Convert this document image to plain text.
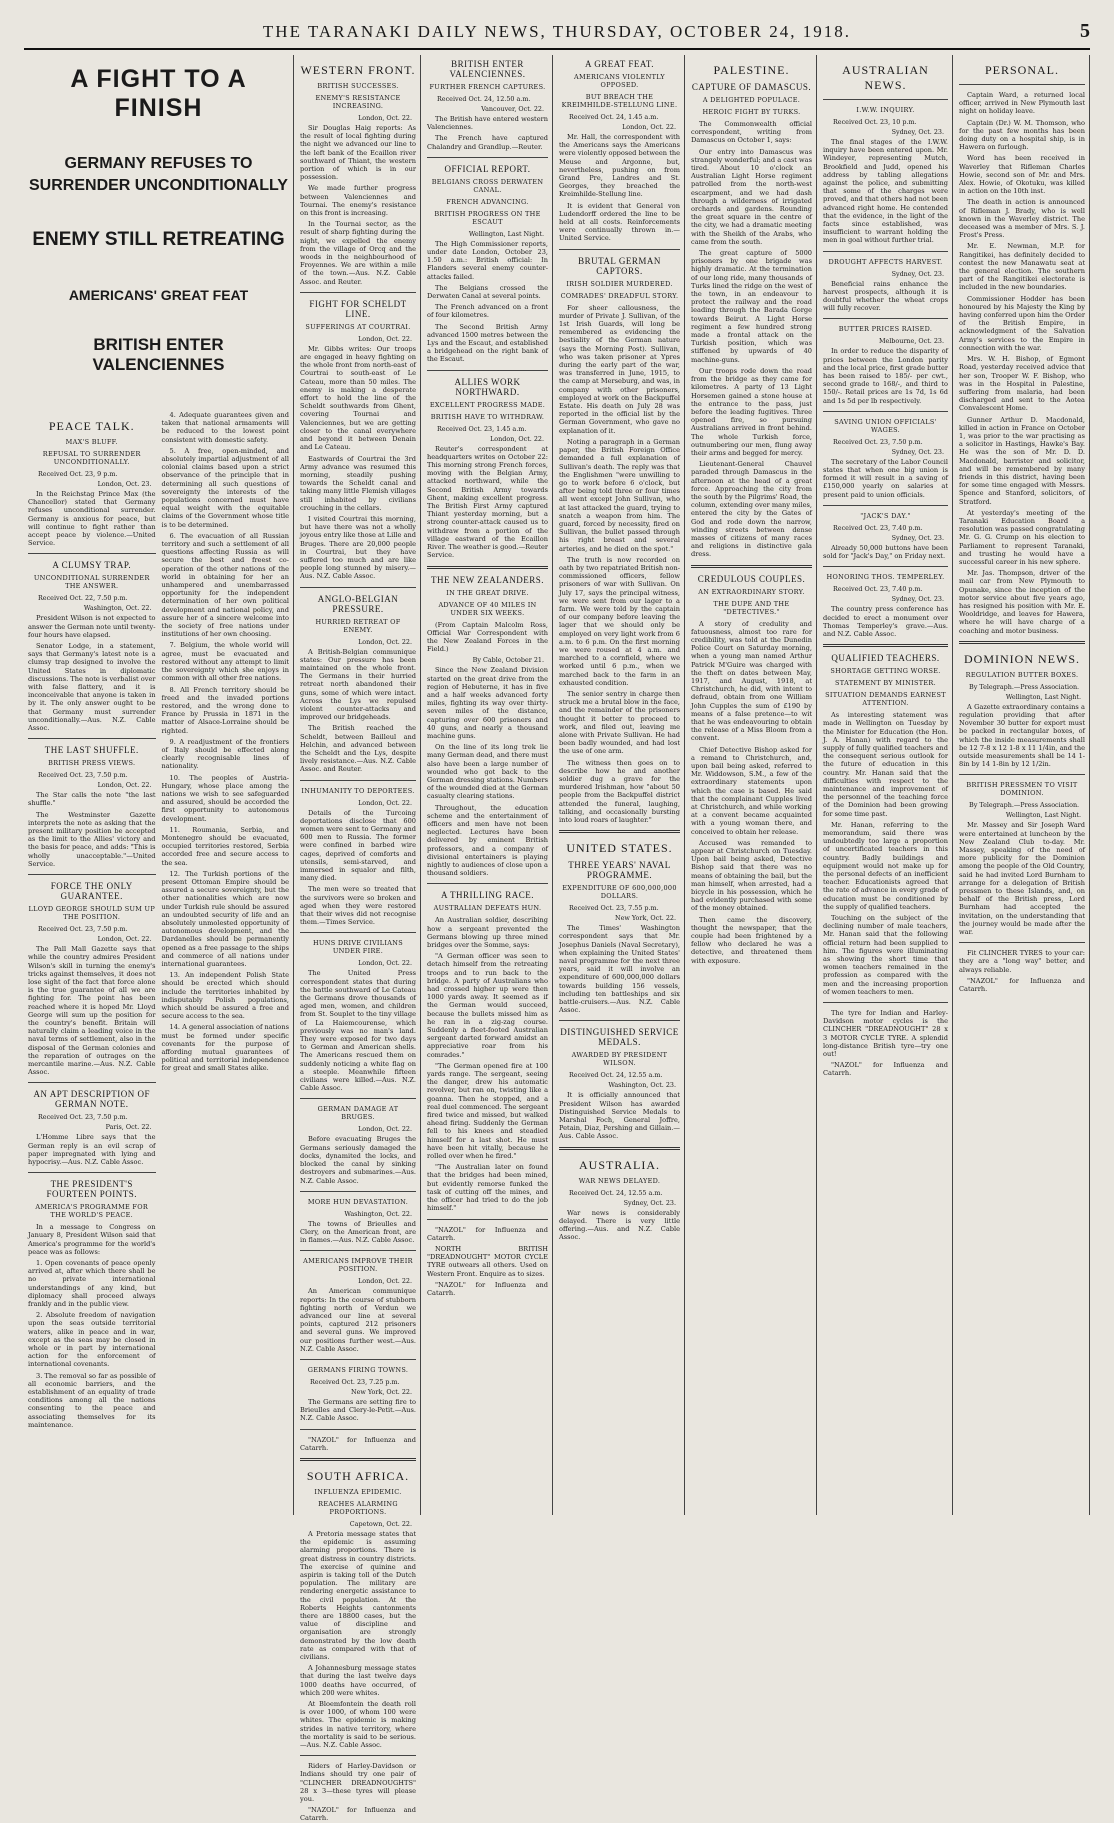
THE TARANAKI DAILY NEWS, THURSDAY, OCTOBER 24, 1918.	5
A FIGHT TO A FINISH
GERMANY REFUSES TO SURRENDER UNCONDITIONALLY
ENEMY STILL RETREATING
AMERICANS' GREAT FEAT
BRITISH ENTER VALENCIENNES
PEACE TALK.
MAX'S BLUFF.
REFUSAL TO SURRENDER UNCONDITIONALLY.
Received Oct. 23, 9 p.m.
London, Oct. 23.

In the Reichstag Prince Max (the Chancellor) stated that Germany refuses unconditional surrender. Germany is anxious for peace, but will continue to fight rather than accept peace by violence.—United Service.

A CLUMSY TRAP.
UNCONDITIONAL SURRENDER THE ANSWER.
Received Oct. 22, 7.50 p.m.
Washington, Oct. 22.

President Wilson is not expected to answer the German note until twenty-four hours have elapsed.

Senator Lodge, in a statement, says that Germany's latest note is a clumsy trap designed to involve the United States in diplomatic discussions. The note is verbalist over with false flattery, and it is inconceivable that anyone is taken in by it. The only answer ought to be that Germany must surrender unconditionally.—Aus. N.Z. Cable Assoc.

THE LAST SHUFFLE.
BRITISH PRESS VIEWS.
Received Oct. 23, 7.50 p.m.
London, Oct. 22.

The Star calls the note "the last shuffle."

The Westminster Gazette interprets the note as asking that the present military position be accepted as the limit to the Allies' victory and the basis for peace, and adds: "This is wholly unacceptable."—United Service.

FORCE THE ONLY GUARANTEE.
LLOYD GEORGE SHOULD SUM UP THE POSITION.
Received Oct. 23, 7.50 p.m.
London, Oct. 22.

The Pall Mall Gazette says that while the country admires President Wilson's skill in turning the enemy's tricks against themselves, it does not lose sight of the fact that force alone is the true guarantee of all we are fighting for. The point has been reached where it is hoped Mr. Lloyd George will sum up the position for the country's benefit. Britain will naturally claim a leading voice in the naval terms of settlement, also in the disposal of the German colonies and the reparation of outrages on the mercantile marine.—Aus. N.Z. Cable Assoc.

AN APT DESCRIPTION OF GERMAN NOTE.
Received Oct. 23, 7.50 p.m.
Paris, Oct. 22.

L'Homme Libre says that the German reply is an evil scrap of paper impregnated with lying and hypocrisy.—Aus. N.Z. Cable Assoc.

THE PRESIDENT'S FOURTEEN POINTS.
AMERICA'S PROGRAMME FOR THE WORLD'S PEACE.

In a message to Congress on January 8, President Wilson said that America's programme for the world's peace was as follows:

1. Open covenants of peace openly arrived at, after which there shall be no private international understandings of any kind, but diplomacy shall proceed always frankly and in the public view.

2. Absolute freedom of navigation upon the seas outside territorial waters, alike in peace and in war, except as the seas may be closed in whole or in part by international action for the enforcement of international covenants.

3. The removal so far as possible of all economic barriers, and the establishment of an equality of trade conditions among all the nations consenting to the peace and associating themselves for its maintenance.

4. Adequate guarantees given and taken that national armaments will be reduced to the lowest point consistent with domestic safety.

5. A free, open-minded, and absolutely impartial adjustment of all colonial claims based upon a strict observance of the principle that in determining all such questions of sovereignty the interests of the populations concerned must have equal weight with the equitable claims of the Government whose title is to be determined.

6. The evacuation of all Russian territory and such a settlement of all questions affecting Russia as will secure the best and freest co-operation of the other nations of the world in obtaining for her an unhampered and unembarrassed opportunity for the independent determination of her own political development and national policy, and assure her of a sincere welcome into the society of free nations under institutions of her own choosing.

7. Belgium, the whole world will agree, must be evacuated and restored without any attempt to limit the sovereignty which she enjoys in common with all other free nations.

8. All French territory should be freed and the invaded portions restored, and the wrong done to France by Prussia in 1871 in the matter of Alsace-Lorraine should be righted.

9. A readjustment of the frontiers of Italy should be effected along clearly recognisable lines of nationality.

10. The peoples of Austria-Hungary, whose place among the nations we wish to see safeguarded and assured, should be accorded the first opportunity to autonomous development.

11. Roumania, Serbia, and Montenegro should be evacuated, occupied territories restored, Serbia accorded free and secure access to the sea.

12. The Turkish portions of the present Ottoman Empire should be assured a secure sovereignty, but the other nationalities which are now under Turkish rule should be assured an undoubted security of life and an absolutely unmolested opportunity of autonomous development, and the Dardanelles should be permanently opened as a free passage to the ships and commerce of all nations under international guarantees.

13. An independent Polish State should be erected which should include the territories inhabited by indisputably Polish populations, which should be assured a free and secure access to the sea.

14. A general association of nations must be formed under specific covenants for the purpose of affording mutual guarantees of political and territorial independence for great and small States alike.

WESTERN FRONT.
BRITISH SUCCESSES.
ENEMY'S RESISTANCE INCREASING.
London, Oct. 22.

Sir Douglas Haig reports: As the result of local fighting during the night we advanced our line to the left bank of the Ecaillon river southward of Thiant, the western portion of which is in our possession.

We made further progress between Valenciennes and Tournai. The enemy's resistance on this front is increasing.

In the Tournai sector, as the result of sharp fighting during the night, we expelled the enemy from the village of Orcq and the woods in the neighbourhood of Froyennes. We are within a mile of the town.—Aus. N.Z. Cable Assoc. and Reuter.

FIGHT FOR SCHELDT LINE.
SUFFERINGS AT COURTRAI.
London, Oct. 22.

Mr. Gibbs writes: Our troops are engaged in heavy fighting on the whole front from north-east of Courtrai to south-east of Le Cateau, more than 50 miles. The enemy is making a desperate effort to hold the line of the Scheldt southwards from Ghent, covering Tournai and Valenciennes, but we are getting closer to the canal everywhere and beyond it between Denain and Le Cateau.

Eastwards of Courtrai the 3rd Army advance was resumed this morning, steadily pushing towards the Scheldt canal and taking many little Flemish villages still inhabited by civilians crouching in the cellars.

I visited Courtrai this morning, but have there was not a wholly joyous entry like those at Lille and Bruges. There are 20,000 people in Courtrai, but they have suffered too much and are like people long stunned by misery.—Aus. N.Z. Cable Assoc.

ANGLO-BELGIAN PRESSURE.
HURRIED RETREAT OF ENEMY.
London, Oct. 22.

A British-Belgian communique states: Our pressure has been maintained on the whole front. The Germans in their hurried retreat north abandoned their guns, some of which were intact. Across the Lys we repulsed violent counter-attacks and improved our bridgeheads.

The British reached the Scheldt, between Bailleul and Helchin, and advanced between the Scheldt and the Lys, despite lively resistance.—Aus. N.Z. Cable Assoc. and Reuter.

INHUMANITY TO DEPORTEES.
London, Oct. 22.

Details of the Turcoing deportations disclose that 600 women were sent to Germany and 600 men to Russia. The former were confined in barbed wire cages, deprived of comforts and utensils, semi-starved, and immersed in squalor and filth, many died.

The men were so treated that the survivors were so broken and aged when they were restored that their wives did not recognise them.—Times Service.

HUNS DRIVE CIVILIANS UNDER FIRE.
London, Oct. 22.

The United Press correspondent states that during the battle southward of Le Cateau the Germans drove thousands of aged men, women, and children from St. Souplet to the tiny village of La Haiemcourense, which previously was no man's land. They were exposed for two days to German and American shells. The Americans rescued them on suddenly noticing a white flag on a steeple. Meanwhile fifteen civilians were killed.—Aus. N.Z. Cable Assoc.

GERMAN DAMAGE AT BRUGES.
London, Oct. 22.

Before evacuating Bruges the Germans seriously damaged the docks, dynamited the locks, and blocked the canal by sinking destroyers and submarines.—Aus. N.Z. Cable Assoc.

MORE HUN DEVASTATION.
Washington, Oct. 22.

The towns of Brieulles and Clery, on the American front, are in flames.—Aus. N.Z. Cable Assoc.

AMERICANS IMPROVE THEIR POSITION.
London, Oct. 22.

An American communique reports: In the course of stubborn fighting north of Verdun we advanced our line at several points, captured 212 prisoners and several guns. We improved our positions further west.—Aus. N.Z. Cable Assoc.

GERMANS FIRING TOWNS.
Received Oct. 23, 7.25 p.m.
New York, Oct. 22.

The Germans are setting fire to Brieulles and Clery-le-Petit.—Aus. N.Z. Cable Assoc.

"NAZOL" for Influenza and Catarrh.

SOUTH AFRICA.
INFLUENZA EPIDEMIC.
REACHES ALARMING PROPORTIONS.
Capetown, Oct. 22.

A Pretoria message states that the epidemic is assuming alarming proportions. There is great distress in country districts. The exercise of quinine and aspirin is taking toll of the Dutch population. The military are rendering energetic assistance to the civil population. At the Roberts Heights cantonments there are 18800 cases, but the value of discipline and organisation are strongly demonstrated by the low death rate as compared with that of civilians.

A Johannesburg message states that during the last twelve days 1000 deaths have occurred, of which 200 were whites.

At Bloemfontein the death roll is over 1000, of whom 100 were whites. The epidemic is making strides in native territory, where the mortality is said to be serious.—Aus. N.Z. Cable Assoc.

Riders of Harley-Davidson or Indians should try one pair of "CLINCHER DREADNOUGHTS" 28 x 3—these tyres will please you.

"NAZOL" for Influenza and Catarrh.

BRITISH ENTER VALENCIENNES.
FURTHER FRENCH CAPTURES.
Received Oct. 24, 12.50 a.m.
Vancouver, Oct. 22.

The British have entered western Valenciennes.

The French have captured Chalandry and Grandlup.—Reuter.

OFFICIAL REPORT.
BELGIANS CROSS DERWATEN CANAL.
FRENCH ADVANCING.
BRITISH PROGRESS ON THE ESCAUT
Wellington, Last Night.

The High Commissioner reports, under date London, October 23, 1.50 a.m.: British official: In Flanders several enemy counter-attacks failed.

The Belgians crossed the Derwaten Canal at several points.

The French advanced on a front of four kilometres.

The Second British Army advanced 1500 metres between the Lys and the Escaut, and established a bridgehead on the right bank of the Escaut.

ALLIES WORK NORTHWARD.
EXCELLENT PROGRESS MADE.
BRITISH HAVE TO WITHDRAW.
Received Oct. 23, 1.45 a.m.
London, Oct. 22.

Reuter's correspondent at headquarters writes on October 22: This morning strong French forces, moving with the Belgian Army, attacked northward, while the Second British Army towards Ghent, making excellent progress. The British First Army captured Thiant yesterday morning, but a strong counter-attack caused us to withdraw from a portion of the village eastward of the Ecaillon River. The weather is good.—Reuter Service.

THE NEW ZEALANDERS.
IN THE GREAT DRIVE.
ADVANCE OF 40 MILES IN UNDER SIX WEEKS.

(From Captain Malcolm Ross, Official War Correspondent with the New Zealand Forces in the Field.)

By Cable, October 21.

Since the New Zealand Division started on the great drive from the region of Hebuterne, it has in five and a half weeks advanced forty miles, fighting its way over thirty-seven miles of the distance, capturing over 600 prisoners and 40 guns, and nearly a thousand machine guns.

On the line of its long trek lie many German dead, and there must also have been a large number of wounded who got back to the German dressing stations. Numbers of the wounded died at the German casualty clearing stations.

Throughout, the education scheme and the entertainment of officers and men have not been neglected. Lectures have been delivered by eminent British professors, and a company of divisional entertainers is playing nightly to audiences of close upon a thousand soldiers.

A THRILLING RACE.
AUSTRALIAN DEFEATS HUN.

An Australian soldier, describing how a sergeant prevented the Germans blowing up three mined bridges over the Somme, says:

"A German officer was seen to detach himself from the retreating troops and to run back to the bridge. A party of Australians who had crossed higher up were then 1000 yards away. It seemed as if the German would succeed, because the bullets missed him as he ran in a zig-zag course. Suddenly a fleet-footed Australian sergeant darted forward amidst an appreciative roar from his comrades."

"The German opened fire at 100 yards range. The sergeant, seeing the danger, drew his automatic revolver, but ran on, twisting like a goanna. Then he stopped, and a real duel commenced. The sergeant fired twice and missed, but walked ahead firing. Suddenly the German fell to his knees and steadied himself for a last shot. He must have been hit vitally, because he rolled over when he fired."

"The Australian later on found that the bridges had been mined, but evidently remorse funked the task of cutting off the mines, and the officer had tried to do the job himself."

"NAZOL" for Influenza and Catarrh.

NORTH BRITISH "DREADNOUGHT" MOTOR CYCLE TYRE outwears all others. Used on Western Front. Enquire as to sizes.

"NAZOL" for Influenza and Catarrh.

A GREAT FEAT.
AMERICANS VIOLENTLY OPPOSED.
BUT BREACH THE KREIMHILDE-STELLUNG LINE.
Received Oct. 24, 1.45 a.m.
London, Oct. 22.

Mr. Hall, the correspondent with the Americans says the Americans were violently opposed between the Meuse and Argonne, but, nevertheless, pushing on from Grand Pre, Landres and St. Georges, they breached the Kreimhilde-Stellung line.

It is evident that General von Ludendorff ordered the line to be held at all costs. Reinforcements were continually thrown in.—United Service.

BRUTAL GERMAN CAPTORS.
IRISH SOLDIER MURDERED.
COMRADES' DREADFUL STORY.

For sheer callousness, the murder of Private J. Sullivan, of the 1st Irish Guards, will long be remembered as evidencing the bestiality of the German nature (says the Morning Post). Sullivan, who was taken prisoner at Ypres during the early part of the war, was transferred in June, 1915, to the camp at Merseburg, and was, in company with other prisoners, employed at work on the Backpuffel Estate. His death on July 28 was reported in the official list by the German Government, who gave no explanation of it.

Noting a paragraph in a German paper, the British Foreign Office demanded a full explanation of Sullivan's death. The reply was that the Englishmen "were unwilling to go to work before 6 o'clock, but after being told three or four times all went except John Sullivan, who at last attacked the guard, trying to snatch a weapon from him. The guard, forced by necessity, fired on Sullivan, the bullet passed through his right breast and several arteries, and he died on the spot."

The truth is now recorded on oath by two repatriated British non-commissioned officers, fellow prisoners of war with Sullivan. On July 17, says the principal witness, we were sent from our lager to a farm. We were told by the captain of our company before leaving the lager that we should only be employed on very light work from 6 a.m. to 6 p.m. On the first morning we were roused at 4 a.m. and marched to a cornfield, where we worked until 6 p.m., when we marched back to the farm in an exhausted condition.

The senior sentry in charge then struck me a brutal blow in the face, and the remainder of the prisoners thought it better to proceed to work, and filed out, leaving me alone with Private Sullivan. He had been badly wounded, and had lost the use of one arm.

The witness then goes on to describe how he and another soldier dug a grave for the murdered Irishman, how "about 50 people from the Backpuffel district attended the funeral, laughing, talking, and occasionally bursting into loud roars of laughter."

UNITED STATES.
THREE YEARS' NAVAL PROGRAMME.
EXPENDITURE OF 600,000,000 DOLLARS.
Received Oct. 23, 7.55 p.m.
New York, Oct. 22.

The Times' Washington correspondent says that Mr. Josephus Daniels (Naval Secretary), when explaining the United States' naval programme for the next three years, said it will involve an expenditure of 600,000,000 dollars towards building 156 vessels, including ten battleships and six battle-cruisers.—Aus. N.Z. Cable Assoc.

DISTINGUISHED SERVICE MEDALS.
AWARDED BY PRESIDENT WILSON.
Received Oct. 24, 12.55 a.m.
Washington, Oct. 23.

It is officially announced that President Wilson has awarded Distinguished Service Medals to Marshal Foch, General Joffre, Petain, Diaz, Pershing and Gillain.—Aus. Cable Assoc.

AUSTRALIA.
WAR NEWS DELAYED.
Received Oct. 24, 12.55 a.m.
Sydney, Oct. 23.

War news is considerably delayed. There is very little offering.—Aus. and N.Z. Cable Assoc.

PALESTINE.
CAPTURE OF DAMASCUS.
A DELIGHTED POPULACE.
HEROIC FIGHT BY TURKS.

The Commonwealth official correspondent, writing from Damascus on October 1, says:

Our entry into Damascus was strangely wonderful; and a cast was tired. About 10 o'clock an Australian Light Horse regiment patrolled from the north-west escarpment, and we had dash through a wilderness of irrigated orchards and gardens. Rounding the great square in the centre of the city, we had a dramatic meeting with the Sheikh of the Arabs, who came from the south.

The great capture of 5000 prisoners by one brigade was highly dramatic. At the termination of our long ride, many thousands of Turks lined the ridge on the west of the town, in an endeavour to protect the railway and the road leading through the Barada Gorge towards Beirut. A Light Horse regiment a few hundred strong made a frontal attack on the Turkish position, which was stiffened by upwards of 40 machine-guns.

Our troops rode down the road from the bridge as they came for kilometres. A party of 13 Light Horsemen gained a stone house at the entrance to the pass, just before the leading fugitives. Three opened fire, so pursuing Australians arrived in front behind. The whole Turkish force, outnumbering our men, flung away their arms and begged for mercy.

Lieutenant-General Chauvel paraded through Damascus in the afternoon at the head of a great force. Approaching the city from the south by the Pilgrims' Road, the column, extending over many miles, entered the city by the Gates of God and rode down the narrow, winding streets between dense masses of citizens of many races and religions in distinctive gala dress.

CREDULOUS COUPLES.
AN EXTRAORDINARY STORY.
THE DUPE AND THE "DETECTIVES."

A story of credulity and fatuousness, almost too rare for credibility, was told at the Dunedin Police Court on Saturday morning, when a young man named Arthur Patrick M'Guire was charged with the theft on dates between May, 1917, and August, 1918, at Christchurch, he did, with intent to defraud, obtain from one William John Cupples the sum of £190 by means of a false pretence—to wit that he was endeavouring to obtain the release of a Miss Bloom from a convent.

Chief Detective Bishop asked for a remand to Christchurch, and, upon bail being asked, referred to Mr. Widdowson, S.M., a few of the extraordinary statements upon which the case is based. He said that the complainant Cupples lived at Christchurch, and while working at a convent became acquainted with a young woman there, and conceived to obtain her release.

Accused was remanded to appear at Christchurch on Tuesday. Upon bail being asked, Detective Bishop said that there was no means of obtaining the bail, but the man himself, when arrested, had a bicycle in his possession, which he had evidently purchased with some of the money obtained.

Then came the discovery, thought the newspaper, that the couple had been frightened by a fellow who declared he was a detective, and threatened them with exposure.

AUSTRALIAN NEWS.
I.W.W. INQUIRY.
Received Oct. 23, 10 p.m.
Sydney, Oct. 23.

The final stages of the I.W.W. inquiry have been entered upon. Mr. Windeyer, representing Mutch, Brookfield and Judd, opened his address by tabling allegations against the police, and submitting that some of the charges were proved, and that others had not been advanced right home. He contended that the evidence, in the light of the facts since established, was insufficient to warrant holding the men in goal without further trial.

DROUGHT AFFECTS HARVEST.
Sydney, Oct. 23.

Beneficial rains enhance the harvest prospects, although it is doubtful whether the wheat crops will fully recover.

BUTTER PRICES RAISED.
Melbourne, Oct. 23.

In order to reduce the disparity of prices between the London parity and the local price, first grade butter has been raised to 185/- per cwt., second grade to 168/-, and third to 150/-. Retail prices are 1s 7d, 1s 6d and 1s 5d per lb respectively.

SAVING UNION OFFICIALS' WAGES.
Received Oct. 23, 7.50 p.m.
Sydney, Oct. 23.

The secretary of the Labor Council states that when one big union is formed it will result in a saving of £150,000 yearly on salaries at present paid to union officials.

"JACK'S DAY."
Received Oct. 23, 7.40 p.m.
Sydney, Oct. 23.

Already 50,000 buttons have been sold for "Jack's Day," on Friday next.

HONORING THOS. TEMPERLEY.
Received Oct. 23, 7.40 p.m.
Sydney, Oct. 23.

The country press conference has decided to erect a monument over Thomas Temperley's grave.—Aus. and N.Z. Cable Assoc.

QUALIFIED TEACHERS.
SHORTAGE GETTING WORSE.
STATEMENT BY MINISTER.
SITUATION DEMANDS EARNEST ATTENTION.

As interesting statement was made in Wellington on Tuesday by the Minister for Education (the Hon. J. A. Hanan) with regard to the supply of fully qualified teachers and the consequent serious outlook for the future of education in this country. Mr. Hanan said that the difficulties with respect to the maintenance and improvement of the personnel of the teaching force of the Dominion had been growing for some time past.

Mr. Hanan, referring to the memorandum, said there was undoubtedly too large a proportion of uncertificated teachers in this country. Badly buildings and equipment would not make up for the personal defects of an inefficient teacher. Educationists agreed that the rate of advance in every grade of education must be conditioned by the supply of qualified teachers.

Touching on the subject of the declining number of male teachers, Mr. Hanan said that the following official return had been supplied to him. The figures were illuminating as showing the short time that women teachers remained in the profession as compared with the men and the increasing proportion of women teachers to men.

The tyre for Indian and Harley-Davidson motor cycles is the CLINCHER "DREADNOUGHT" 28 x 3 MOTOR CYCLE TYRE. A splendid long-distance British tyre—try one out!

"NAZOL" for Influenza and Catarrh.

PERSONAL.

Captain Ward, a returned local officer, arrived in New Plymouth last night on holiday leave.

Captain (Dr.) W. M. Thomson, who for the past few months has been doing duty on a hospital ship, is in Hawera on furlough.

Word has been received in Waverley that Rifleman Charles Howie, second son of Mr. and Mrs. Alex. Howie, of Okotuku, was killed in action on the 10th inst.

The death in action is announced of Rifleman J. Brady, who is well known in the Waverley district. The deceased was a member of Mrs. S. J. Frost's Press.

Mr. E. Newman, M.P. for Rangitikei, has definitely decided to contest the new Manawatu seat at the general election. The southern part of the Rangitikei electorate is included in the new boundaries.

Commissioner Hodder has been honoured by his Majesty the King by having conferred upon him the Order of the British Empire, in acknowledgment of the Salvation Army's services to the Empire in connection with the war.

Mrs. W. H. Bishop, of Egmont Road, yesterday received advice that her son, Trooper W. F. Bishop, who was in the Hospital in Palestine, suffering from malaria, had been discharged and sent to the Aotea Convalescent Home.

Gunner Arthur D. Macdonald, killed in action in France on October 1, was prior to the war practising as a solicitor in Hastings, Hawke's Bay. He was the son of Mr. D. D. Macdonald, barrister and solicitor, and will be remembered by many friends in this district, having been for some time engaged with Messrs. Spence and Stanford, solicitors, of Stratford.

At yesterday's meeting of the Taranaki Education Board a resolution was passed congratulating Mr. G. G. Crump on his election to Parliament to represent Taranaki, and trusting he would have a successful career in his new sphere.

Mr. Jas. Thompson, driver of the mail car from New Plymouth to Opunake, since the inception of the motor service about five years ago, has resigned his position with Mr. E. Wooldridge, and leaves for Hawera, where he will have charge of a coaching and motor business.

DOMINION NEWS.
REGULATION BUTTER BOXES.
By Telegraph.—Press Association.
Wellington, Last Night.

A Gazette extraordinary contains a regulation providing that after November 30 butter for export must be packed in rectangular boxes, of which the inside measurements shall be 12 7-8 x 12 1-8 x 11 1/4in, and the outside measurements shall be 14 1-8in by 14 1-8in by 12 1/2in.

BRITISH PRESSMEN TO VISIT DOMINION.
By Telegraph.—Press Association.
Wellington, Last Night.

Mr. Massey and Sir Joseph Ward were entertained at luncheon by the New Zealand Club to-day. Mr. Massey, speaking of the need of more publicity for the Dominion among the people of the Old Country, said he had invited Lord Burnham to arrange for a delegation of British pressmen to these Islands, and, on behalf of the British press, Lord Burnham had accepted the invitation, on the understanding that the journey would be made after the war.

Fit CLINCHER TYRES to your car: they are a "long way" better, and always reliable.

"NAZOL" for Influenza and Catarrh.
